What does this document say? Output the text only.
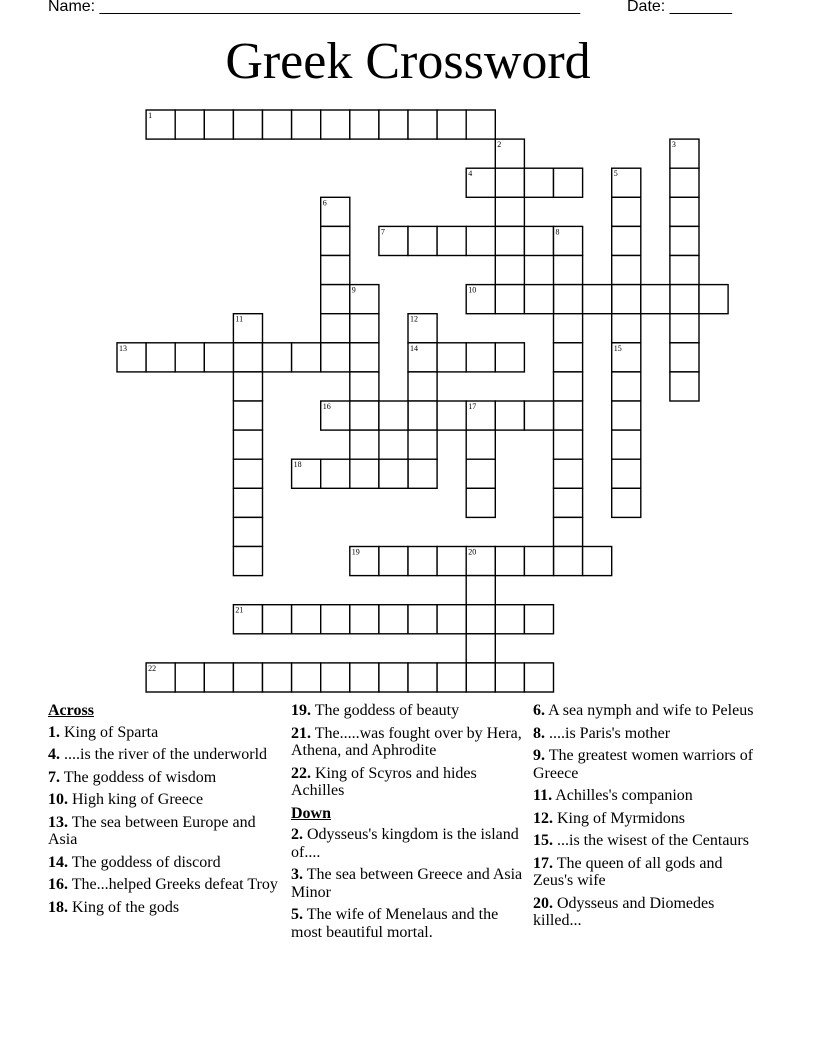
Name: ______________________________________________________	Date: _______
Greek Crossword
1
2	3
4	5
6
7	8
9	10
11	12
13	14	15
16	17
18
19	20
21
22
Across
1. King of Sparta
4. ....is the river of the underworld
7. The goddess of wisdom
10. High king of Greece
13. The sea between Europe and Asia
14. The goddess of discord
16. The...helped Greeks defeat Troy
18. King of the gods
19. The goddess of beauty
21. The.....was fought over by Hera, Athena, and Aphrodite
22. King of Scyros and hides Achilles
Down
2. Odysseus's kingdom is the island of....
3. The sea between Greece and Asia Minor
5. The wife of Menelaus and the most beautiful mortal.
6. A sea nymph and wife to Peleus
8. ....is Paris's mother
9. The greatest women warriors of Greece
11. Achilles's companion
12. King of Myrmidons
15. ...is the wisest of the Centaurs
17. The queen of all gods and Zeus's wife
20. Odysseus and Diomedes killed...
